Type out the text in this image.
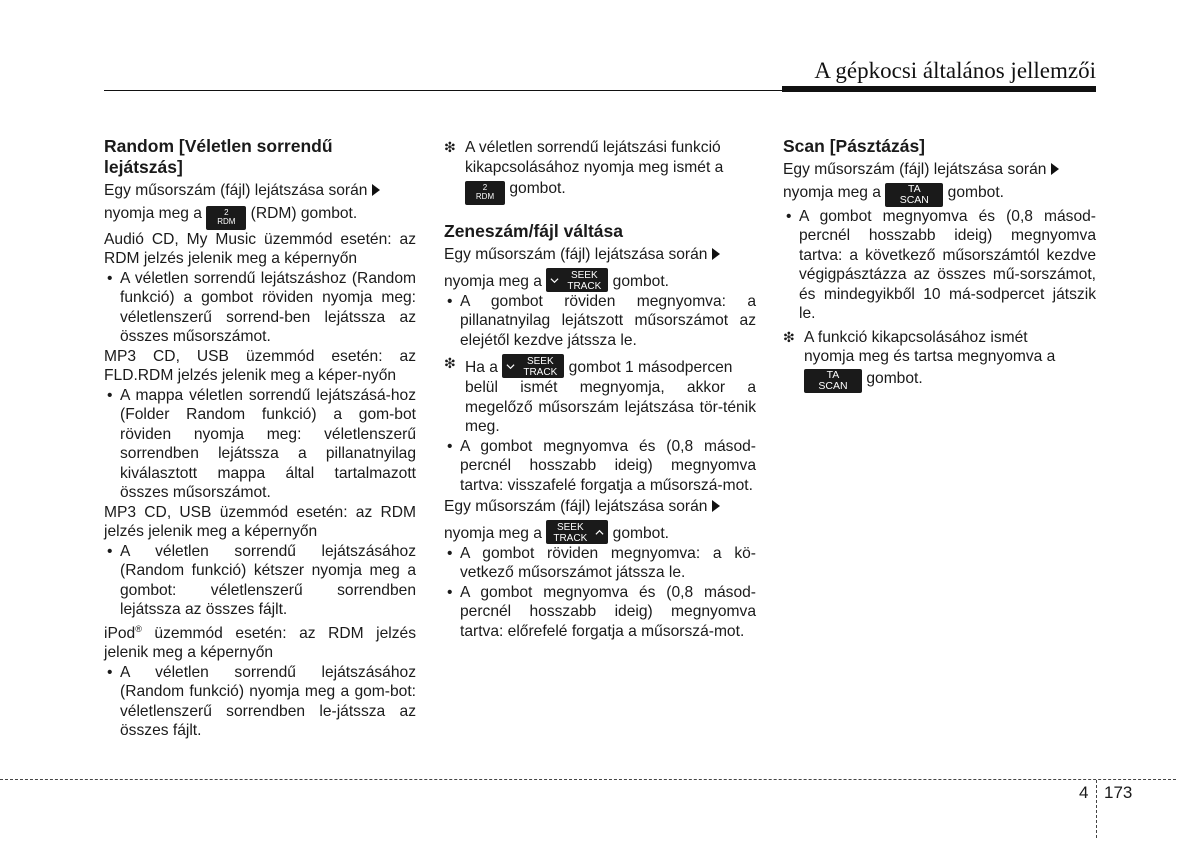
A gépkocsi általános jellemzői
Random [Véletlen sorrendű
lejátszás]
Egy műsorszám (fájl) lejátszása során
nyomja meg a	2
RDM (RDM) gombot.

Audió CD, My Music üzemmód esetén: az RDM jelzés jelenik meg a képernyőn

• A véletlen sorrendű lejátszáshoz (Random funkció) a gombot röviden nyomja meg: véletlenszerű sorrend-ben lejátssza az összes műsorszámot.

MP3 CD, USB üzemmód esetén: az FLD.RDM jelzés jelenik meg a képer-nyőn

• A mappa véletlen sorrendű lejátszásá-hoz (Folder Random funkció) a gom-bot röviden nyomja meg: véletlenszerű sorrendben lejátssza a pillanatnyilag kiválasztott mappa által tartalmazott összes műsorszámot.

MP3 CD, USB üzemmód esetén: az RDM jelzés jelenik meg a képernyőn

• A véletlen sorrendű lejátszásához (Random funkció) kétszer nyomja meg a gombot: véletlenszerű sorrendben lejátssza az összes fájlt.

iPod® üzemmód esetén: az RDM jelzés jelenik meg a képernyőn

• A véletlen sorrendű lejátszásához (Random funkció) nyomja meg a gom-bot: véletlenszerű sorrendben le-játssza az összes fájlt.
❇ A véletlen sorrendű lejátszási funkció
kikapcsolásához nyomja meg ismét a
2
RDM gombot.
Zeneszám/fájl váltása
Egy műsorszám (fájl) lejátszása során
nyomja meg a	SEEK
TRACK gombot.
• A gombot röviden megnyomva: a pillanatnyilag lejátszott műsorszámot az elejétől kezdve játssza le.
❇ Ha a	SEEK
TRACK gombot 1 másodpercen
belül ismét megnyomja, akkor a megelőző műsorszám lejátszása tör-ténik meg.
• A gombot megnyomva és (0,8 másod-percnél hosszabb ideig) megnyomva tartva: visszafelé forgatja a műsorszá-mot.
Egy műsorszám (fájl) lejátszása során
nyomja meg a	SEEK
TRACK gombot.
• A gombot röviden megnyomva: a kö-vetkező műsorszámot játssza le.
• A gombot megnyomva és (0,8 másod-percnél hosszabb ideig) megnyomva tartva: előrefelé forgatja a műsorszá-mot.
Scan [Pásztázás]
Egy műsorszám (fájl) lejátszása során
nyomja meg a	TA
SCAN	gombot.
• A gombot megnyomva és (0,8 másod-percnél hosszabb ideig) megnyomva tartva: a következő műsorszámtól kezdve végigpásztázza az összes mű-sorszámot, és mindegyikből 10 má-sodpercet játszik le.
❇ A funkció kikapcsolásához ismét
nyomja meg és tartsa megnyomva a
TA
SCAN	gombot.
4 173
